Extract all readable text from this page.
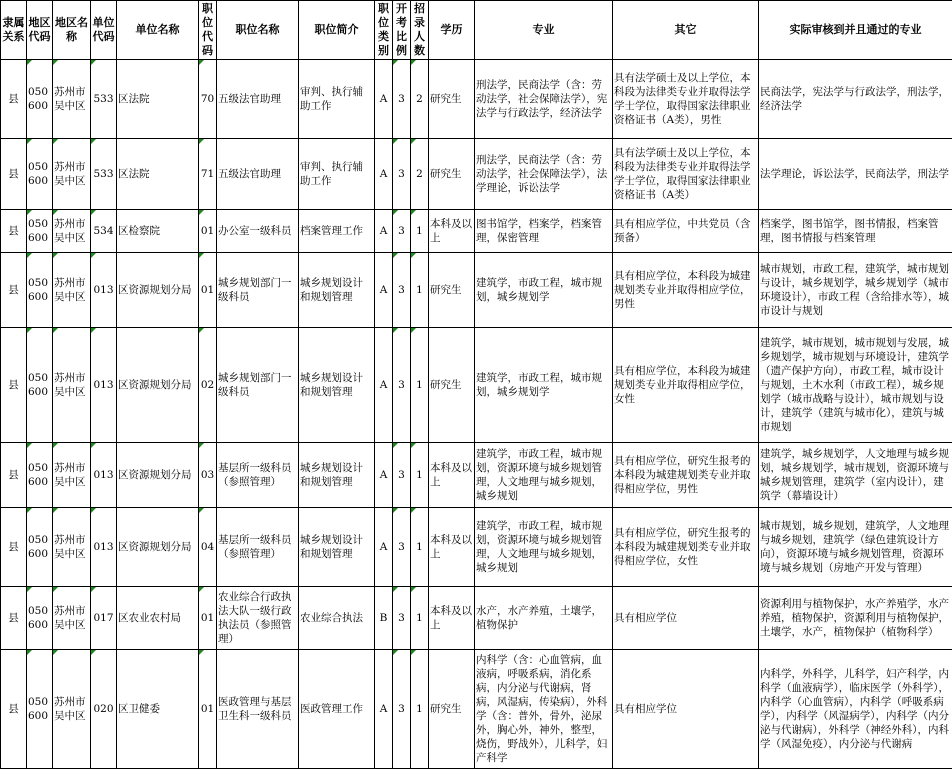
隶属关系	地区代码	地区名称	单位代码	单位名称	职位代码	职位名称	职位简介	职位类别	开考比例	招录人数	学历	专业	其它	实际审核到并且通过的专业
县	050600	苏州市吴中区	533	区法院	70	五级法官助理	审判、执行辅助工作	A	3	2	研究生	刑法学，民商法学（含：劳动法学，社会保障法学），宪法学与行政法学，经济法学	具有法学硕士及以上学位，本科段为法律类专业并取得法学学士学位，取得国家法律职业资格证书（A类），男性	民商法学，宪法学与行政法学，刑法学，经济法学
县	050600	苏州市吴中区	533	区法院	71	五级法官助理	审判、执行辅助工作	A	3	2	研究生	刑法学，民商法学（含：劳动法学，社会保障法学），法学理论，诉讼法学	具有法学硕士及以上学位，本科段为法律类专业并取得法学学士学位，取得国家法律职业资格证书（A类）	法学理论，诉讼法学，民商法学，刑法学
县	050600	苏州市吴中区	534	区检察院	01	办公室一级科员	档案管理工作	A	3	1	本科及以上	图书馆学，档案学，档案管理，保密管理	具有相应学位，中共党员（含预备）	档案学，图书馆学，图书情报，档案管理，图书情报与档案管理
县	050600	苏州市吴中区	013	区资源规划分局	01	城乡规划部门一级科员	城乡规划设计和规划管理	A	3	1	研究生	建筑学，市政工程，城市规划，城乡规划学	具有相应学位，本科段为城建规划类专业并取得相应学位，男性	城市规划，市政工程，建筑学，城市规划与设计，城乡规划学，城乡规划学（城市环境设计），市政工程（含给排水等），城市设计与规划
县	050600	苏州市吴中区	013	区资源规划分局	02	城乡规划部门一级科员	城乡规划设计和规划管理	A	3	1	研究生	建筑学，市政工程，城市规划，城乡规划学	具有相应学位，本科段为城建规划类专业并取得相应学位，女性	建筑学，城市规划，城市规划与发展，城乡规划学，城市规划与环境设计，建筑学（遗产保护方向），市政工程，城市设计与规划，土木水利（市政工程），城乡规划学（城市战略与设计），城市规划与设计，建筑学（建筑与城市化），建筑与城市规划
县	050600	苏州市吴中区	013	区资源规划分局	03	基层所一级科员（参照管理）	城乡规划设计和规划管理	A	3	1	本科及以上	建筑学，市政工程，城市规划，资源环境与城乡规划管理，人文地理与城乡规划，城乡规划	具有相应学位，研究生报考的本科段为城建规划类专业并取得相应学位，男性	建筑学，城乡规划学，人文地理与城乡规划，城乡规划学，城市规划，资源环境与城乡规划管理，建筑学（室内设计），建筑学（幕墙设计）
县	050600	苏州市吴中区	013	区资源规划分局	04	基层所一级科员（参照管理）	城乡规划设计和规划管理	A	3	1	本科及以上	建筑学，市政工程，城市规划，资源环境与城乡规划管理，人文地理与城乡规划，城乡规划	具有相应学位，研究生报考的本科段为城建规划类专业并取得相应学位，女性	城市规划，城乡规划，建筑学，人文地理与城乡规划，建筑学（绿色建筑设计方向），资源环境与城乡规划管理，资源环境与城乡规划（房地产开发与管理）
县	050600	苏州市吴中区	017	区农业农村局	01	农业综合行政执法大队一级行政执法员（参照管理）	农业综合执法	B	3	1	本科及以上	水产，水产养殖，土壤学，植物保护	具有相应学位	资源利用与植物保护，水产养殖学，水产养殖，植物保护，资源利用与植物保护，土壤学，水产，植物保护（植物科学）
县	050600	苏州市吴中区	020	区卫健委	01	医政管理与基层卫生科一级科员	医政管理工作	A	3	1	研究生	内科学（含：心血管病，血液病，呼吸系病，消化系病，内分泌与代谢病，肾病，风湿病，传染病），外科学（含：普外，骨外，泌尿外，胸心外，神外，整型，烧伤，野战外），儿科学，妇产科学	具有相应学位	内科学，外科学，儿科学，妇产科学，内科学（血液病学），临床医学（外科学），内科学（心血管病），内科学（呼吸系病学），内科学（风湿病学），内科学（内分泌与代谢病），外科学（神经外科），内科学（风湿免疫），内分泌与代谢病
